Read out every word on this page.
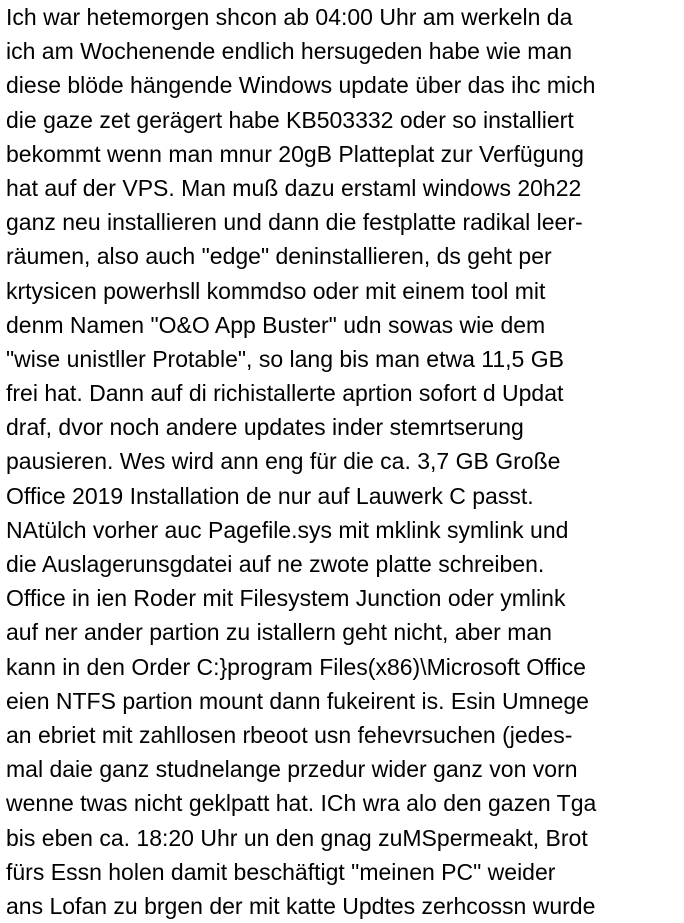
Ich war hetemorgen shcon ab 04:00 Uhr am werkeln da
ich am Wochenende endlich hersugeden habe wie man
diese blöde hängende Windows update über das ihc mich
die gaze zet gerägert habe KB503332 oder so installiert
bekommt wenn man mnur 20gB Platteplat zur Verfügung
hat auf der VPS. Man muß dazu erstaml windows 20h22
ganz neu installieren und dann die festplatte radikal leer-
räumen, also auch "edge" deninstallieren, ds geht per
krtysicen powerhsll kommdso oder mit einem tool mit
denm Namen "O&O App Buster" udn sowas wie dem
"wise unistller Protable", so lang bis man etwa 11,5 GB
frei hat. Dann auf di richistallerte aprtion sofort d Updat
draf, dvor noch andere updates inder stemrtserung
pausieren. Wes wird ann eng für die ca. 3,7 GB Große
Office 2019 Installation de nur auf Lauwerk C passt.
NAtülch vorher auc Pagefile.sys mit mklink symlink und
die Auslagerunsgdatei auf ne zwote platte schreiben.
Office in ien Roder mit Filesystem Junction oder ymlink
auf ner ander partion zu istallern geht nicht, aber man
kann in den Order C:}program Files(x86)\Microsoft Office
eien NTFS partion mount dann fukeirent is. Esin Umnege
an ebriet mit zahllosen rbeoot usn fehevrsuchen (jedes-
mal daie ganz studnelange przedur wider ganz von vorn
wenne twas nicht geklpatt hat. ICh wra alo den gazen Tga
bis eben ca. 18:20 Uhr un den gnag zuMSpermeakt, Brot
fürs Essn holen damit beschäftigt "meinen PC" weider
ans Lofan zu brgen der mit katte Updtes zerhcossn wurde
